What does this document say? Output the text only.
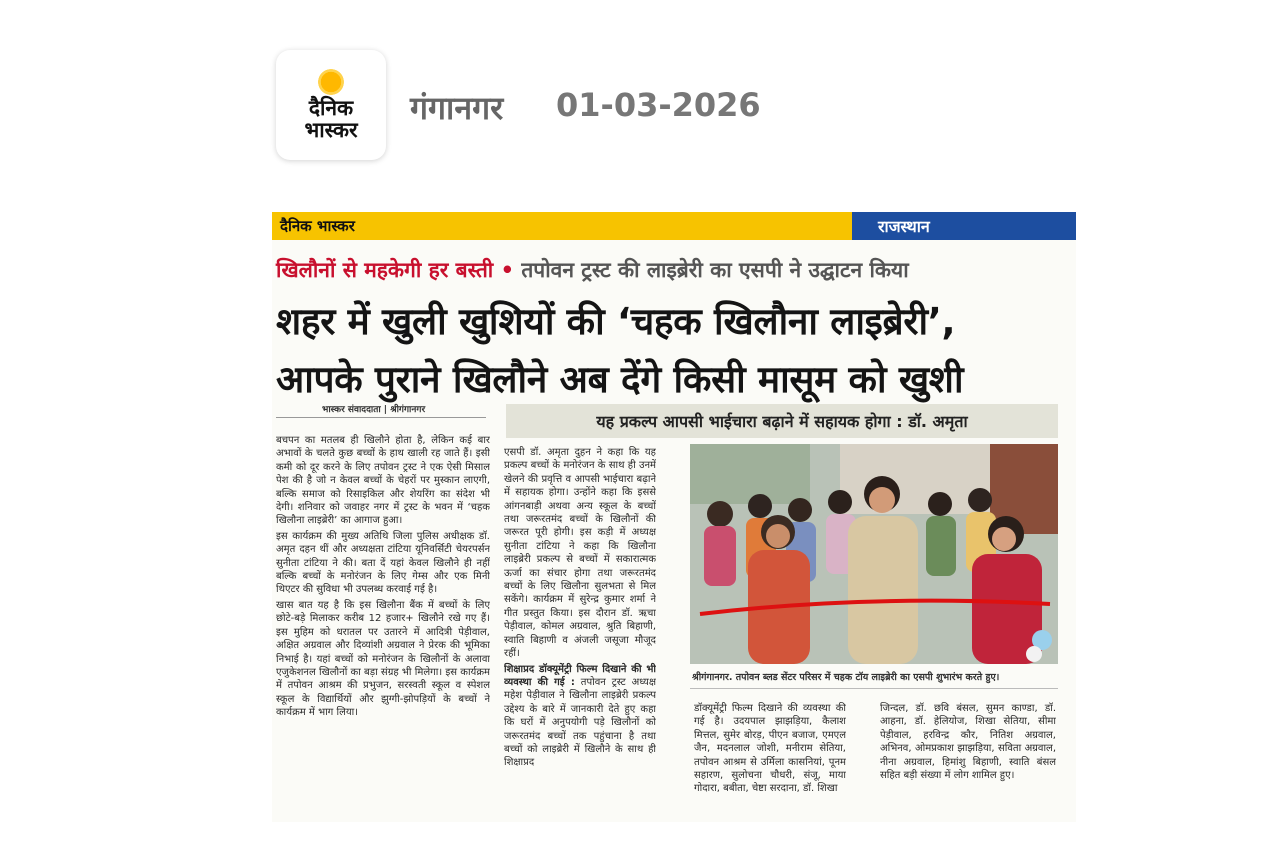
दैनिक
भास्कर
गंगानगर 01-03-2026
दैनिक भास्कर	राजस्थान
खिलौनों से महकेगी हर बस्ती • तपोवन ट्रस्ट की लाइब्रेरी का एसपी ने उद्घाटन किया
शहर में खुली खुशियों की ‘चहक खिलौना लाइब्रेरी’,
आपके पुराने खिलौने अब देंगे किसी मासूम को खुशी
भास्कर संवाददाता | श्रीगंगानगर
यह प्रकल्प आपसी भाईचारा बढ़ाने में सहायक होगा : डॉ. अमृता

बचपन का मतलब ही खिलौने होता है, लेकिन कई बार अभावों के चलते कुछ बच्चों के हाथ खाली रह जाते हैं। इसी कमी को दूर करने के लिए तपोवन ट्रस्ट ने एक ऐसी मिसाल पेश की है जो न केवल बच्चों के चेहरों पर मुस्कान लाएगी, बल्कि समाज को रिसाइकिल और शेयरिंग का संदेश भी देगी। शनिवार को जवाहर नगर में ट्रस्ट के भवन में ‘चहक खिलौना लाइब्रेरी’ का आगाज हुआ।

इस कार्यक्रम की मुख्य अतिथि जिला पुलिस अधीक्षक डॉ. अमृत दहन थीं और अध्यक्षता टांटिया यूनिवर्सिटी चेयरपर्सन सुनीता टांटिया ने की। बता दें यहां केवल खिलौने ही नहीं बल्कि बच्चों के मनोरंजन के लिए गेम्स और एक मिनी थिएटर की सुविधा भी उपलब्ध करवाई गई है।

खास बात यह है कि इस खिलौना बैंक में बच्चों के लिए छोटे-बड़े मिलाकर करीब 12 हजार+ खिलौने रखे गए हैं। इस मुहिम को धरातल पर उतारने में आदित्री पेड़ीवाल, अक्षित अग्रवाल और दिव्यांशी अग्रवाल ने प्रेरक की भूमिका निभाई है। यहां बच्चों को मनोरंजन के खिलौनों के अलावा एजुकेशनल खिलौनों का बड़ा संग्रह भी मिलेगा। इस कार्यक्रम में तपोवन आश्रम की प्रभुजन, सरस्वती स्कूल व स्पेशल स्कूल के विद्यार्थियों और झुग्गी-झोपड़ियों के बच्चों ने कार्यक्रम में भाग लिया।

एसपी डॉ. अमृता दुहन ने कहा कि यह प्रकल्प बच्चों के मनोरंजन के साथ ही उनमें खेलने की प्रवृत्ति व आपसी भाईचारा बढ़ाने में सहायक होगा। उन्होंने कहा कि इससे आंगनबाड़ी अथवा अन्य स्कूल के बच्चों तथा जरूरतमंद बच्चों के खिलौनों की जरूरत पूरी होगी। इस कड़ी में अध्यक्ष सुनीता टांटिया ने कहा कि खिलौना लाइब्रेरी प्रकल्प से बच्चों में सकारात्मक ऊर्जा का संचार होगा तथा जरूरतमंद बच्चों के लिए खिलौना सुलभता से मिल सकेंगे। कार्यक्रम में सुरेन्द्र कुमार शर्मा ने गीत प्रस्तुत किया। इस दौरान डॉ. ऋचा पेड़ीवाल, कोमल अग्रवाल, श्रुति बिहाणी, स्वाति बिहाणी व अंजली जसूजा मौजूद रहीं।

शिक्षाप्रद डॉक्यूमेंट्री फिल्म दिखाने की भी व्यवस्था की गई : तपोवन ट्रस्ट अध्यक्ष महेश पेड़ीवाल ने खिलौना लाइब्रेरी प्रकल्प उद्देश्य के बारे में जानकारी देते हुए कहा कि घरों में अनुपयोगी पड़े खिलौनों को जरूरतमंद बच्चों तक पहुंचाना है तथा बच्चों को लाइब्रेरी में खिलौने के साथ ही शिक्षाप्रद

श्रीगंगानगर. तपोवन ब्लड सेंटर परिसर में चहक टॉय लाइब्रेरी का एसपी शुभारंभ करते हुए।

डॉक्यूमेंट्री फिल्म दिखाने की व्यवस्था की गई है। उदयपाल झाझड़िया, कैलाश मित्तल, सुमेर बोरड़, पीएन बजाज, एमएल जैन, मदनलाल जोशी, मनीराम सेतिया, तपोवन आश्रम से उर्मिला कासनियां, पूनम सहारण, सुलोचना चौधरी, संजू, माया गोदारा, बबीता, चेष्टा सरदाना, डॉ. शिखा

जिन्दल, डॉ. छवि बंसल, सुमन काण्डा, डॉ. आहना, डॉ. हेलियोज, शिखा सेतिया, सीमा पेड़ीवाल, हरविन्द्र कौर, नितिश अग्रवाल, अभिनव, ओमप्रकाश झाझड़िया, सविता अग्रवाल, नीना अग्रवाल, हिमांशु बिहाणी, स्वाति बंसल सहित बड़ी संख्या में लोग शामिल हुए।
